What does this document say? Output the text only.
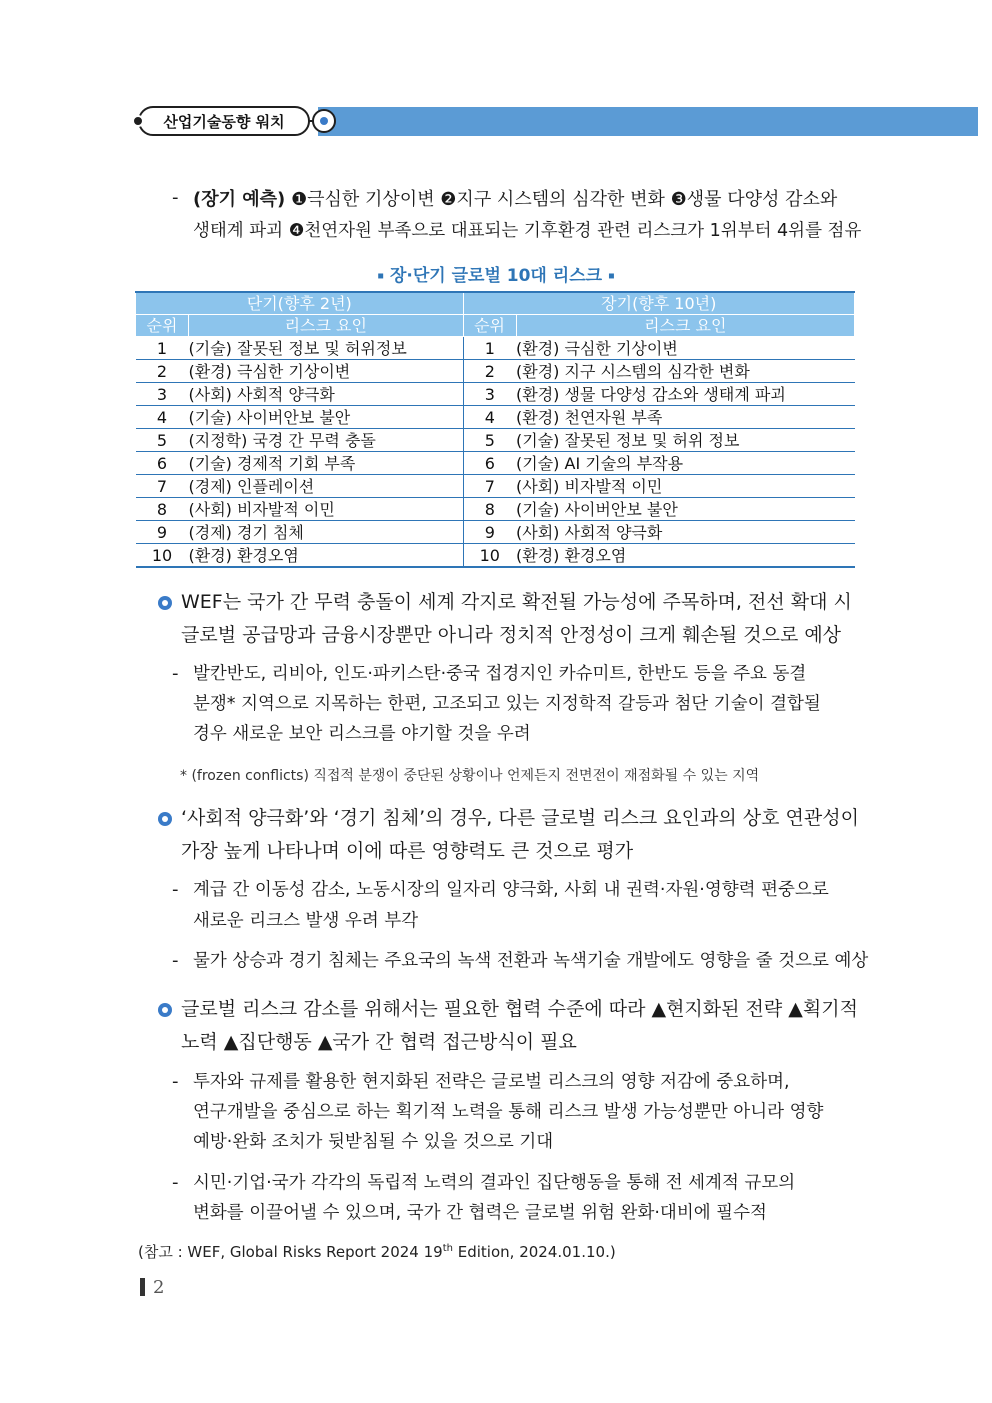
산업기술동향 워치
- (장기 예측) ❶극심한 기상이변 ❷지구 시스템의 심각한 변화 ❸생물 다양성 감소와
생태계 파괴 ❹천연자원 부족으로 대표되는 기후환경 관련 리스크가 1위부터 4위를 점유
▪ 장·단기 글로벌 10대 리스크 ▪
단기(향후 2년)		장기(향후 10년)	
순위	리스크 요인	순위	리스크 요인
1	(기술) 잘못된 정보 및 허위정보	1	(환경) 극심한 기상이변
2	(환경) 극심한 기상이변	2	(환경) 지구 시스템의 심각한 변화
3	(사회) 사회적 양극화	3	(환경) 생물 다양성 감소와 생태계 파괴
4	(기술) 사이버안보 불안	4	(환경) 천연자원 부족
5	(지정학) 국경 간 무력 충돌	5	(기술) 잘못된 정보 및 허위 정보
6	(기술) 경제적 기회 부족	6	(기술) AI 기술의 부작용
7	(경제) 인플레이션	7	(사회) 비자발적 이민
8	(사회) 비자발적 이민	8	(기술) 사이버안보 불안
9	(경제) 경기 침체	9	(사회) 사회적 양극화
10	(환경) 환경오염	10	(환경) 환경오염
WEF는 국가 간 무력 충돌이 세계 각지로 확전될 가능성에 주목하며, 전선 확대 시
글로벌 공급망과 금융시장뿐만 아니라 정치적 안정성이 크게 훼손될 것으로 예상
- 발칸반도, 리비아, 인도·파키스탄·중국 접경지인 카슈미트, 한반도 등을 주요 동결
분쟁* 지역으로 지목하는 한편, 고조되고 있는 지정학적 갈등과 첨단 기술이 결합될
경우 새로운 보안 리스크를 야기할 것을 우려
* (frozen conflicts) 직접적 분쟁이 중단된 상황이나 언제든지 전면전이 재점화될 수 있는 지역
‘사회적 양극화’와 ‘경기 침체’의 경우, 다른 글로벌 리스크 요인과의 상호 연관성이
가장 높게 나타나며 이에 따른 영향력도 큰 것으로 평가
- 계급 간 이동성 감소, 노동시장의 일자리 양극화, 사회 내 권력·자원·영향력 편중으로
새로운 리크스 발생 우려 부각
- 물가 상승과 경기 침체는 주요국의 녹색 전환과 녹색기술 개발에도 영향을 줄 것으로 예상
글로벌 리스크 감소를 위해서는 필요한 협력 수준에 따라 ▲현지화된 전략 ▲획기적
노력 ▲집단행동 ▲국가 간 협력 접근방식이 필요
- 투자와 규제를 활용한 현지화된 전략은 글로벌 리스크의 영향 저감에 중요하며,
연구개발을 중심으로 하는 획기적 노력을 통해 리스크 발생 가능성뿐만 아니라 영향
예방·완화 조치가 뒷받침될 수 있을 것으로 기대
- 시민·기업·국가 각각의 독립적 노력의 결과인 집단행동을 통해 전 세계적 규모의
변화를 이끌어낼 수 있으며, 국가 간 협력은 글로벌 위험 완화·대비에 필수적
(참고 : WEF, Global Risks Report 2024 19th Edition, 2024.01.10.)
2
